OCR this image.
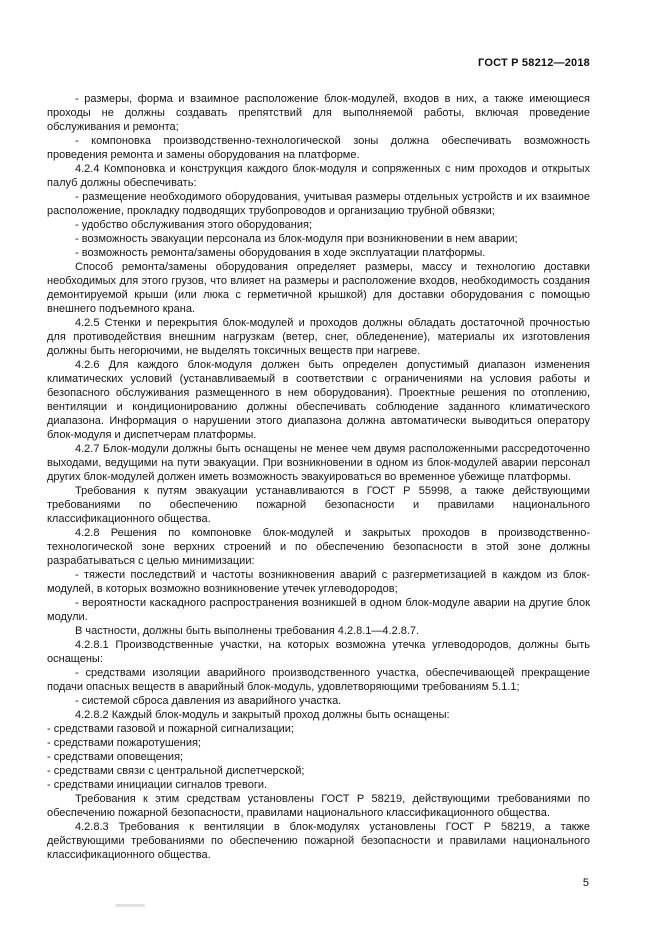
ГОСТ Р 58212—2018

- размеры, форма и взаимное расположение блок-модулей, входов в них, а также имеющиеся проходы не должны создавать препятствий для выполняемой работы, включая проведение обслуживания и ремонта;

- компоновка производственно-технологической зоны должна обеспечивать возможность проведения ремонта и замены оборудования на платформе.

4.2.4 Компоновка и конструкция каждого блок-модуля и сопряженных с ним проходов и открытых палуб должны обеспечивать:

- размещение необходимого оборудования, учитывая размеры отдельных устройств и их взаимное расположение, прокладку подводящих трубопроводов и организацию трубной обвязки;

- удобство обслуживания этого оборудования;

- возможность эвакуации персонала из блок-модуля при возникновении в нем аварии;

- возможность ремонта/замены оборудования в ходе эксплуатации платформы.

Способ ремонта/замены оборудования определяет размеры, массу и технологию доставки необходимых для этого грузов, что влияет на размеры и расположение входов, необходимость создания демонтируемой крыши (или люка с герметичной крышкой) для доставки оборудования с помощью внешнего подъемного крана.

4.2.5 Стенки и перекрытия блок-модулей и проходов должны обладать достаточной прочностью для противодействия внешним нагрузкам (ветер, снег, обледенение), материалы их изготовления должны быть негорючими, не выделять токсичных веществ при нагреве.

4.2.6 Для каждого блок-модуля должен быть определен допустимый диапазон изменения климатических условий (устанавливаемый в соответствии с ограничениями на условия работы и безопасного обслуживания размещенного в нем оборудования). Проектные решения по отоплению, вентиляции и кондиционированию должны обеспечивать соблюдение заданного климатического диапазона. Информация о нарушении этого диапазона должна автоматически выводиться оператору блок-модуля и диспетчерам платформы.

4.2.7 Блок-модули должны быть оснащены не менее чем двумя расположенными рассредоточенно выходами, ведущими на пути эвакуации. При возникновении в одном из блок-модулей аварии персонал других блок-модулей должен иметь возможность эвакуироваться во временное убежище платформы.

Требования к путям эвакуации устанавливаются в ГОСТ Р 55998, а также действующими требованиями по обеспечению пожарной безопасности и правилами национального классификационного общества.

4.2.8 Решения по компоновке блок-модулей и закрытых проходов в производственно-технологической зоне верхних строений и по обеспечению безопасности в этой зоне должны разрабатываться с целью минимизации:

- тяжести последствий и частоты возникновения аварий с разгерметизацией в каждом из блок-модулей, в которых возможно возникновение утечек углеводородов;

- вероятности каскадного распространения возникшей в одном блок-модуле аварии на другие блок модули.

В частности, должны быть выполнены требования 4.2.8.1—4.2.8.7.

4.2.8.1 Производственные участки, на которых возможна утечка углеводородов, должны быть оснащены:

- средствами изоляции аварийного производственного участка, обеспечивающей прекращение подачи опасных веществ в аварийный блок-модуль, удовлетворяющими требованиям 5.1.1;

- системой сброса давления из аварийного участка.

4.2.8.2 Каждый блок-модуль и закрытый проход должны быть оснащены:

- средствами газовой и пожарной сигнализации;

- средствами пожаротушения;

- средствами оповещения;

- средствами связи с центральной диспетчерской;

- средствами инициации сигналов тревоги.

Требования к этим средствам установлены ГОСТ Р 58219, действующими требованиями по обеспечению пожарной безопасности, правилами национального классификационного общества.

4.2.8.3 Требования к вентиляции в блок-модулях установлены ГОСТ Р 58219, а также действующими требованиями по обеспечению пожарной безопасности и правилами национального классификационного общества.

5
